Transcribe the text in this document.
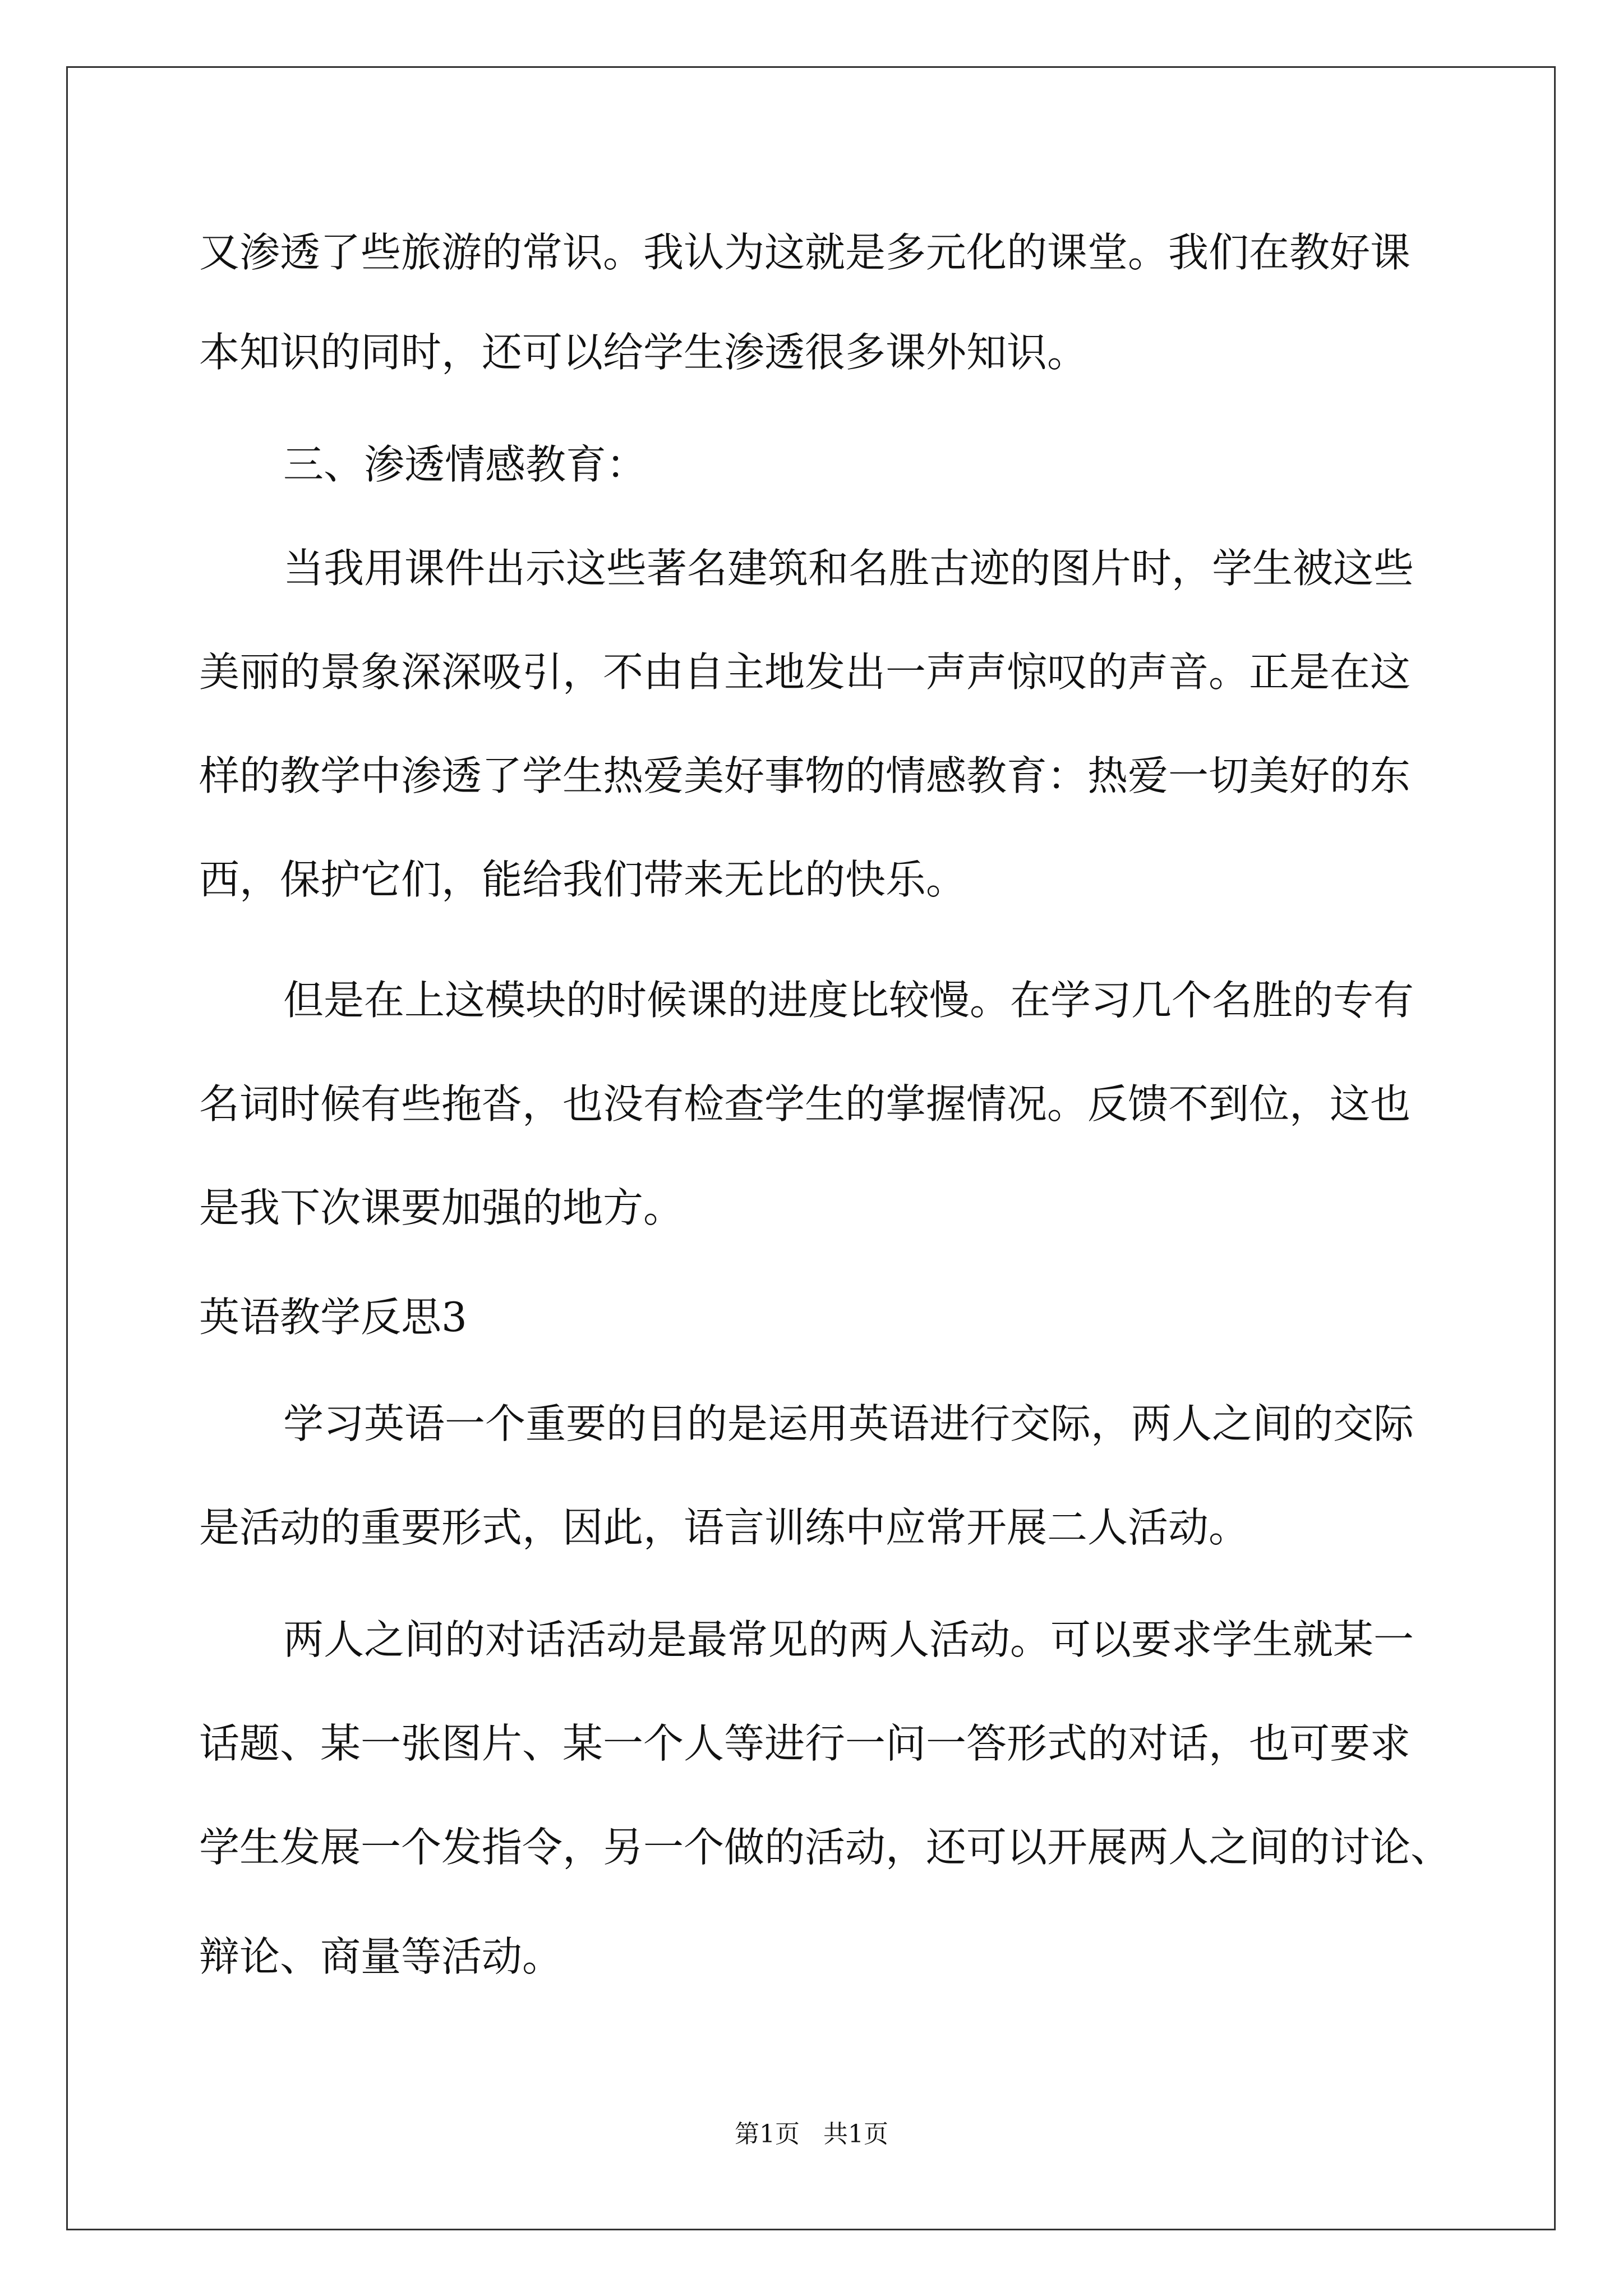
又渗透了些旅游的常识。我认为这就是多元化的课堂。我们在教好课
本知识的同时，还可以给学生渗透很多课外知识。
三、渗透情感教育：
当我用课件出示这些著名建筑和名胜古迹的图片时，学生被这些
美丽的景象深深吸引，不由自主地发出一声声惊叹的声音。正是在这
样的教学中渗透了学生热爱美好事物的情感教育：热爱一切美好的东
西，保护它们，能给我们带来无比的快乐。
但是在上这模块的时候课的进度比较慢。在学习几个名胜的专有
名词时候有些拖沓，也没有检查学生的掌握情况。反馈不到位，这也
是我下次课要加强的地方。
英语教学反思3
学习英语一个重要的目的是运用英语进行交际，两人之间的交际
是活动的重要形式，因此，语言训练中应常开展二人活动。
两人之间的对话活动是最常见的两人活动。可以要求学生就某一
话题、某一张图片、某一个人等进行一问一答形式的对话，也可要求
学生发展一个发指令，另一个做的活动，还可以开展两人之间的讨论、
辩论、商量等活动。
第1页   共1页
